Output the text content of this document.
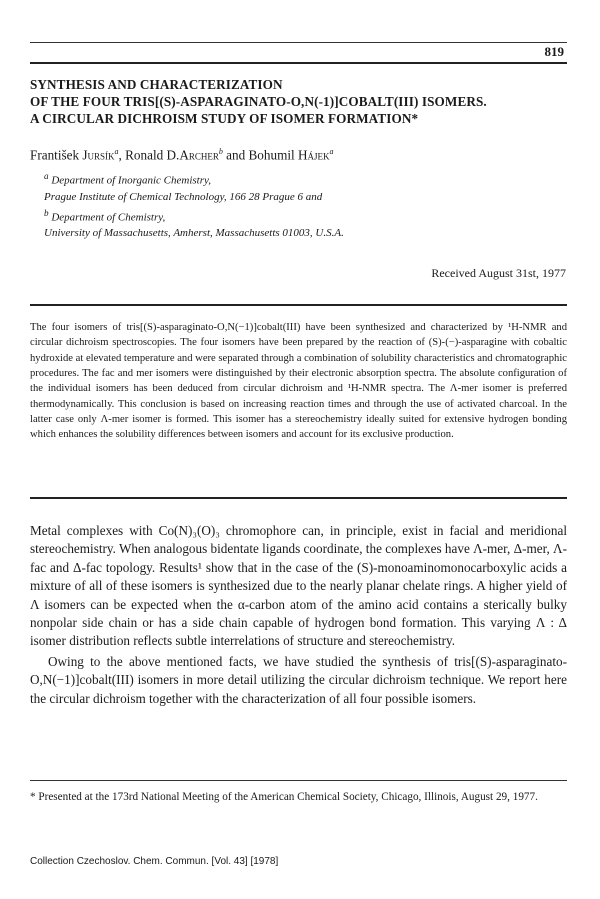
819
SYNTHESIS AND CHARACTERIZATION
OF THE FOUR TRIS[(S)-ASPARAGINATO-O,N(-1)]COBALT(III) ISOMERS.
A CIRCULAR DICHROISM STUDY OF ISOMER FORMATION*
František Jursík$^a$, Ronald D.Archer$^b$ and Bohumil Hájek$^a$
$^a$ Department of Inorganic Chemistry,
Prague Institute of Chemical Technology, 166 28 Prague 6 and
$^b$ Department of Chemistry,
University of Massachusetts, Amherst, Massachusetts 01003, U.S.A.
Received August 31st, 1977

The four isomers of tris[(S)-asparaginato-O,N(−1)]cobalt(III) have been synthesized and characterized by ¹H-NMR and circular dichroism spectroscopies. The four isomers have been prepared by the reaction of (S)-(−)-asparagine with cobaltic hydroxide at elevated temperature and were separated through a combination of solubility characteristics and chromatographic procedures. The fac and mer isomers were distinguished by their electronic absorption spectra. The absolute configuration of the individual isomers has been deduced from circular dichroism and ¹H-NMR spectra. The Λ-mer isomer is preferred thermodynamically. This conclusion is based on increasing reaction times and through the use of activated charcoal. In the latter case only Λ-mer isomer is formed. This isomer has a stereochemistry ideally suited for extensive hydrogen bonding which enhances the solubility differences between isomers and account for its exclusive production.

Metal complexes with Co(N)₃(O)₃ chromophore can, in principle, exist in facial and meridional stereochemistry. When analogous bidentate ligands coordinate, the complexes have Λ-mer, Δ-mer, Λ-fac and Δ-fac topology. Results¹ show that in the case of the (S)-monoaminomonocarboxylic acids a mixture of all of these isomers is synthesized due to the nearly planar chelate rings. A higher yield of Λ isomers can be expected when the α-carbon atom of the amino acid contains a sterically bulky nonpolar side chain or has a side chain capable of hydrogen bond formation. This varying Λ : Δ isomer distribution reflects subtle interrelations of structure and stereochemistry.

Owing to the above mentioned facts, we have studied the synthesis of tris[(S)-asparaginato-O,N(−1)]cobalt(III) isomers in more detail utilizing the circular dichroism technique. We report here the circular dichroism together with the characterization of all four possible isomers.

* Presented at the 173rd National Meeting of the American Chemical Society, Chicago, Illinois, August 29, 1977.

Collection Czechoslov. Chem. Commun. [Vol. 43] [1978]
